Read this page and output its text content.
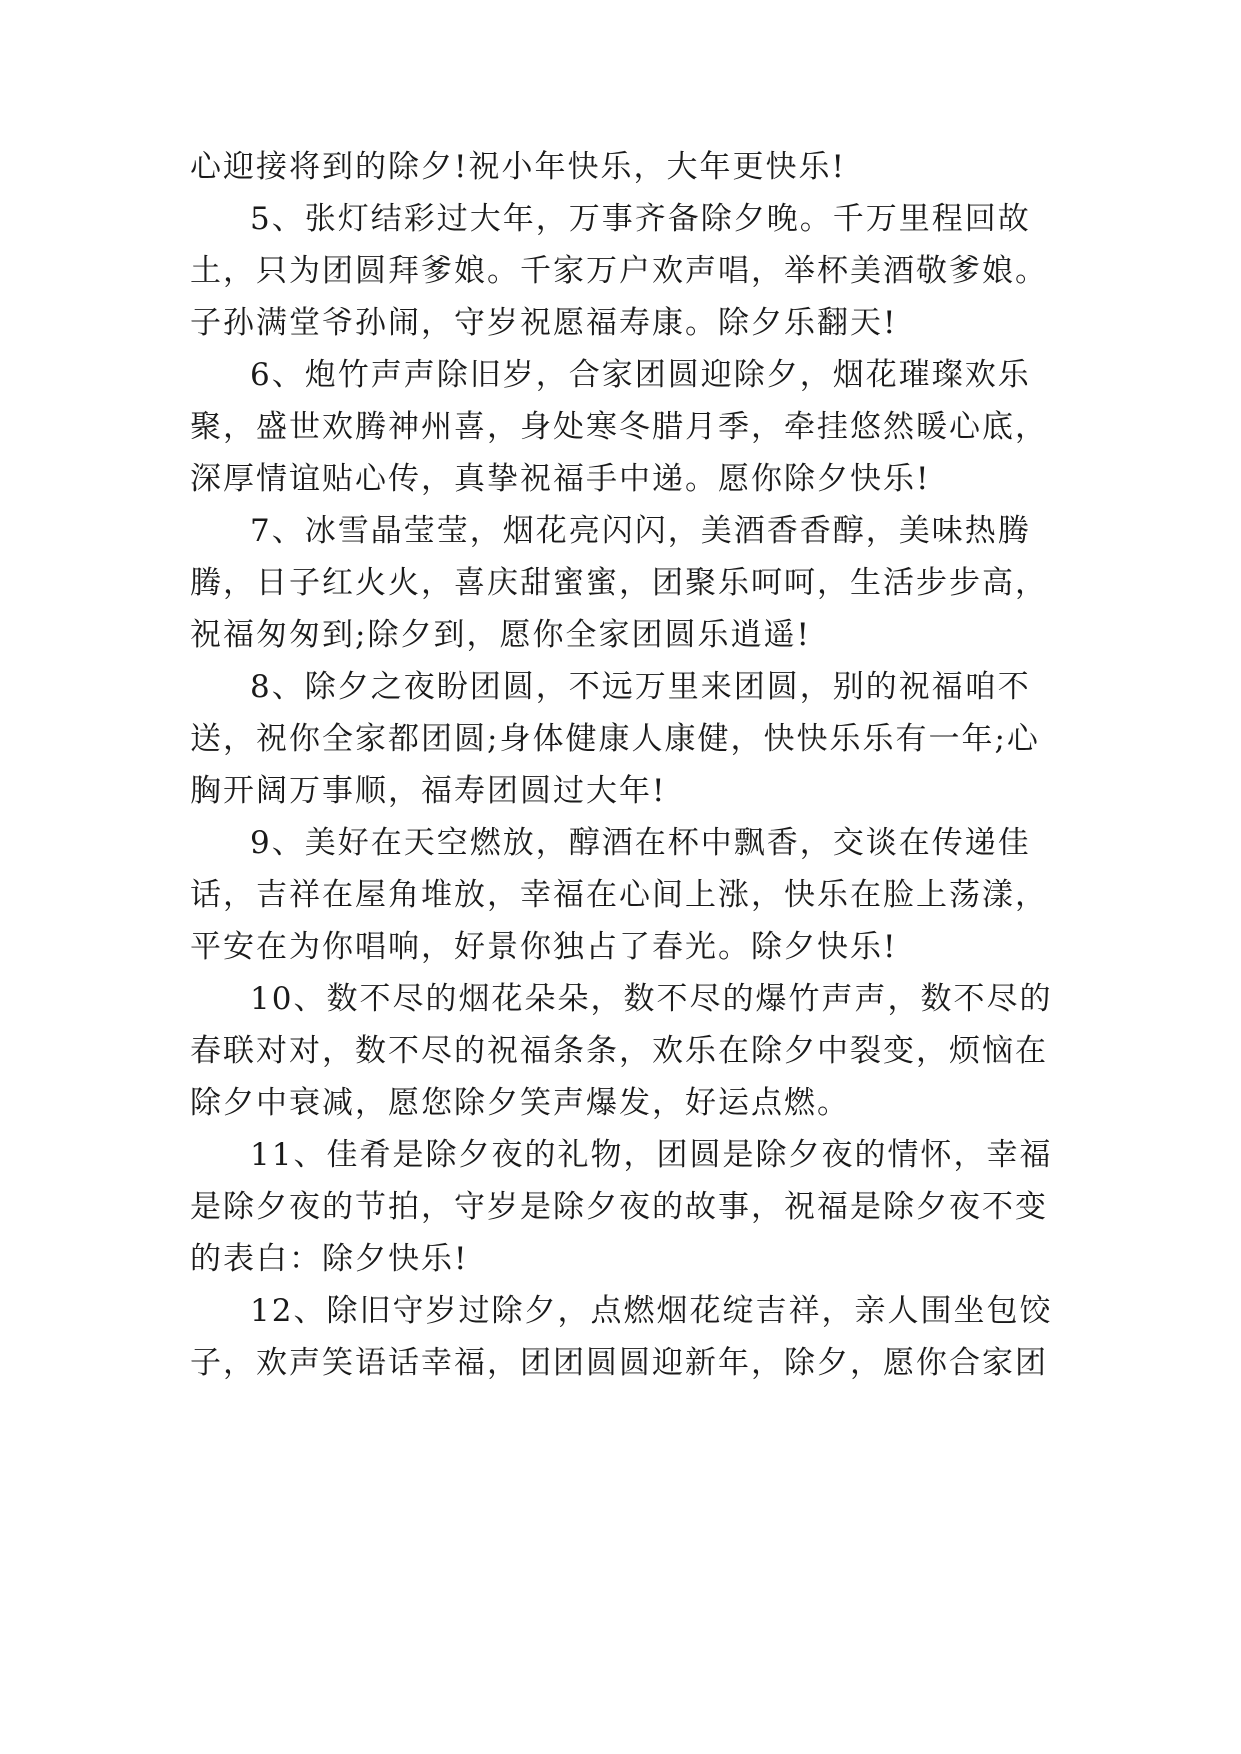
心迎接将到的除夕!祝小年快乐，大年更快乐!
5、张灯结彩过大年，万事齐备除夕晚。千万里程回故
土，只为团圆拜爹娘。千家万户欢声唱，举杯美酒敬爹娘。
子孙满堂爷孙闹，守岁祝愿福寿康。除夕乐翻天!
6、炮竹声声除旧岁，合家团圆迎除夕，烟花璀璨欢乐
聚，盛世欢腾神州喜，身处寒冬腊月季，牵挂悠然暖心底，
深厚情谊贴心传，真挚祝福手中递。愿你除夕快乐!
7、冰雪晶莹莹，烟花亮闪闪，美酒香香醇，美味热腾
腾，日子红火火，喜庆甜蜜蜜，团聚乐呵呵，生活步步高，
祝福匆匆到;除夕到，愿你全家团圆乐逍遥!
8、除夕之夜盼团圆，不远万里来团圆，别的祝福咱不
送，祝你全家都团圆;身体健康人康健，快快乐乐有一年;心
胸开阔万事顺，福寿团圆过大年!
9、美好在天空燃放，醇酒在杯中飘香，交谈在传递佳
话，吉祥在屋角堆放，幸福在心间上涨，快乐在脸上荡漾，
平安在为你唱响，好景你独占了春光。除夕快乐!
10、数不尽的烟花朵朵，数不尽的爆竹声声，数不尽的
春联对对，数不尽的祝福条条，欢乐在除夕中裂变，烦恼在
除夕中衰减，愿您除夕笑声爆发，好运点燃。
11、佳肴是除夕夜的礼物，团圆是除夕夜的情怀，幸福
是除夕夜的节拍，守岁是除夕夜的故事，祝福是除夕夜不变
的表白：除夕快乐!
12、除旧守岁过除夕，点燃烟花绽吉祥，亲人围坐包饺
子，欢声笑语话幸福，团团圆圆迎新年，除夕，愿你合家团
